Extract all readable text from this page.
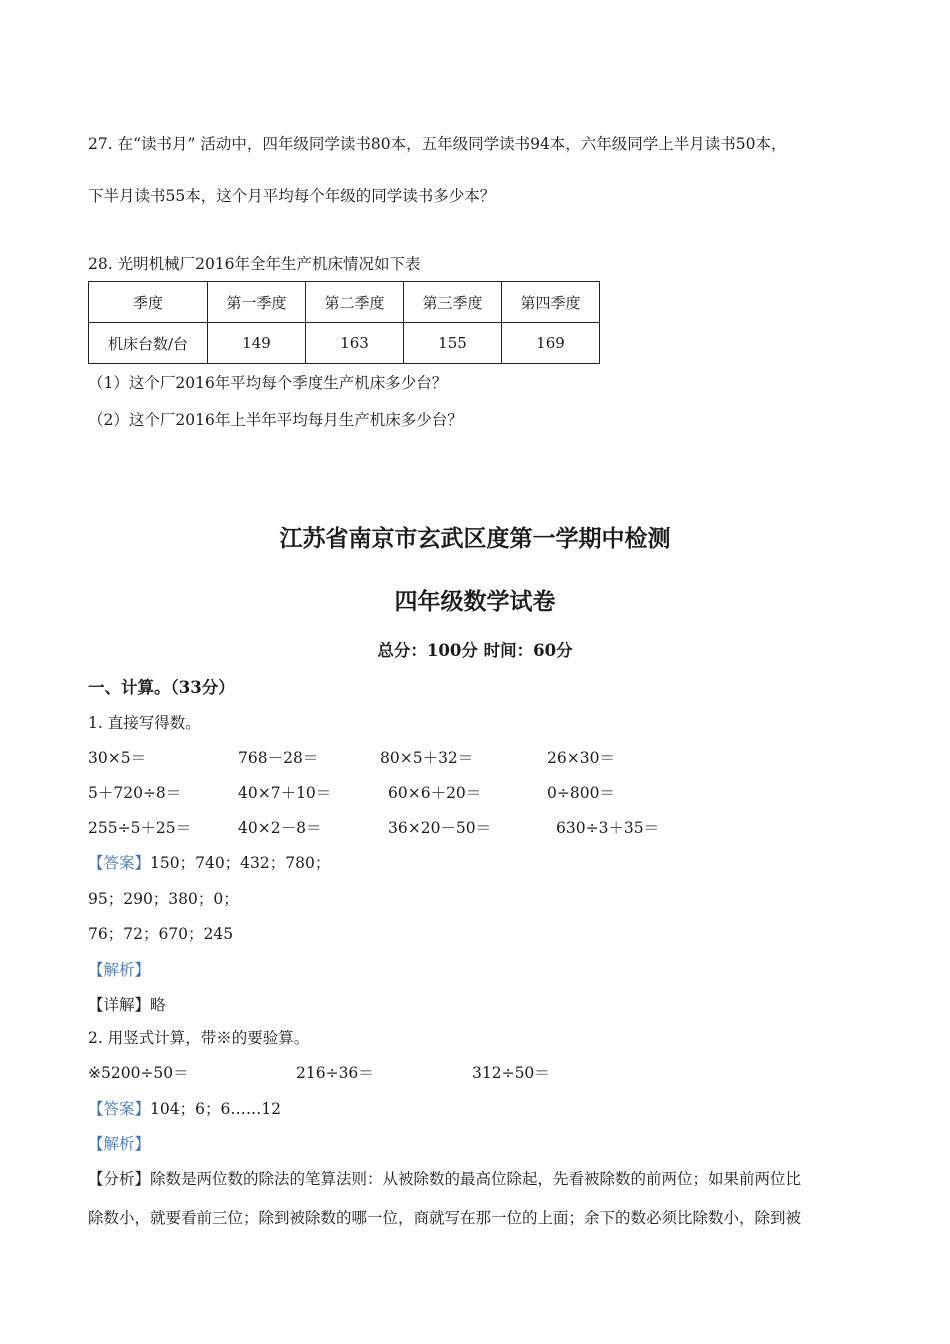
27. 在“读书月” 活动中，四年级同学读书80本，五年级同学读书94本，六年级同学上半月读书50本，
下半月读书55本，这个月平均每个年级的同学读书多少本？
28. 光明机械厂2016年全年生产机床情况如下表
季度	第一季度	第二季度	第三季度	第四季度
机床台数/台	149	163	155	169
（1）这个厂2016年平均每个季度生产机床多少台？
（2）这个厂2016年上半年平均每月生产机床多少台？
江苏省南京市玄武区度第一学期中检测
四年级数学试卷
总分：100分 时间：60分
一、计算。（33分）
1. 直接写得数。
30×5＝	768－28＝	80×5＋32＝	26×30＝
5＋720÷8＝	40×7＋10＝	60×6＋20＝	0÷800＝
255÷5＋25＝	40×2－8＝	36×20－50＝	630÷3＋35＝
【答案】150；740；432；780；
95；290；380；0；
76；72；670；245
【解析】
【详解】略
2. 用竖式计算，带※的要验算。
※5200÷50＝	216÷36＝	312÷50＝
【答案】104；6；6……12
【解析】
【分析】除数是两位数的除法的笔算法则：从被除数的最高位除起，先看被除数的前两位；如果前两位比
除数小，就要看前三位；除到被除数的哪一位，商就写在那一位的上面；余下的数必须比除数小，除到被
